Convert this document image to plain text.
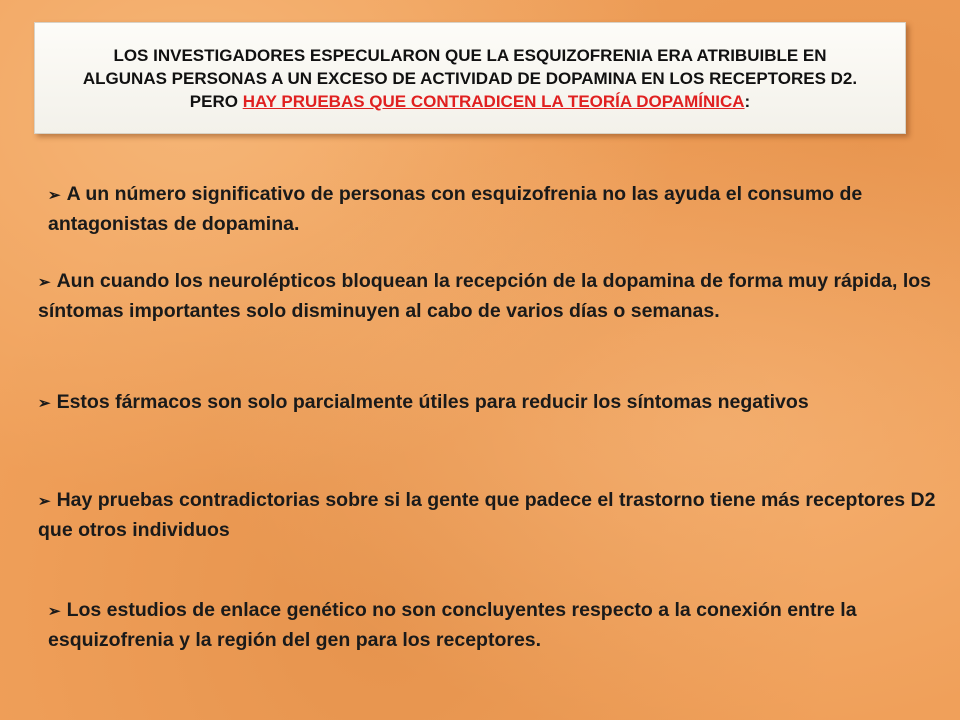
LOS INVESTIGADORES ESPECULARON QUE LA ESQUIZOFRENIA ERA ATRIBUIBLE EN ALGUNAS PERSONAS A UN EXCESO DE ACTIVIDAD DE DOPAMINA EN LOS RECEPTORES D2. PERO HAY PRUEBAS QUE CONTRADICEN LA TEORÍA DOPAMÍNICA:

➢ A un número significativo de personas con esquizofrenia no las ayuda el consumo de antagonistas de dopamina.

➢ Aun cuando los neurolépticos bloquean la recepción de la dopamina de forma muy rápida, los síntomas importantes solo disminuyen al cabo de varios días o semanas.

➢ Estos fármacos son solo parcialmente útiles para reducir los síntomas negativos

➢ Hay pruebas contradictorias sobre si la gente que padece el trastorno tiene más receptores D2 que otros individuos

➢ Los estudios de enlace genético no son concluyentes respecto a la conexión entre la esquizofrenia y la región del gen para los receptores.
